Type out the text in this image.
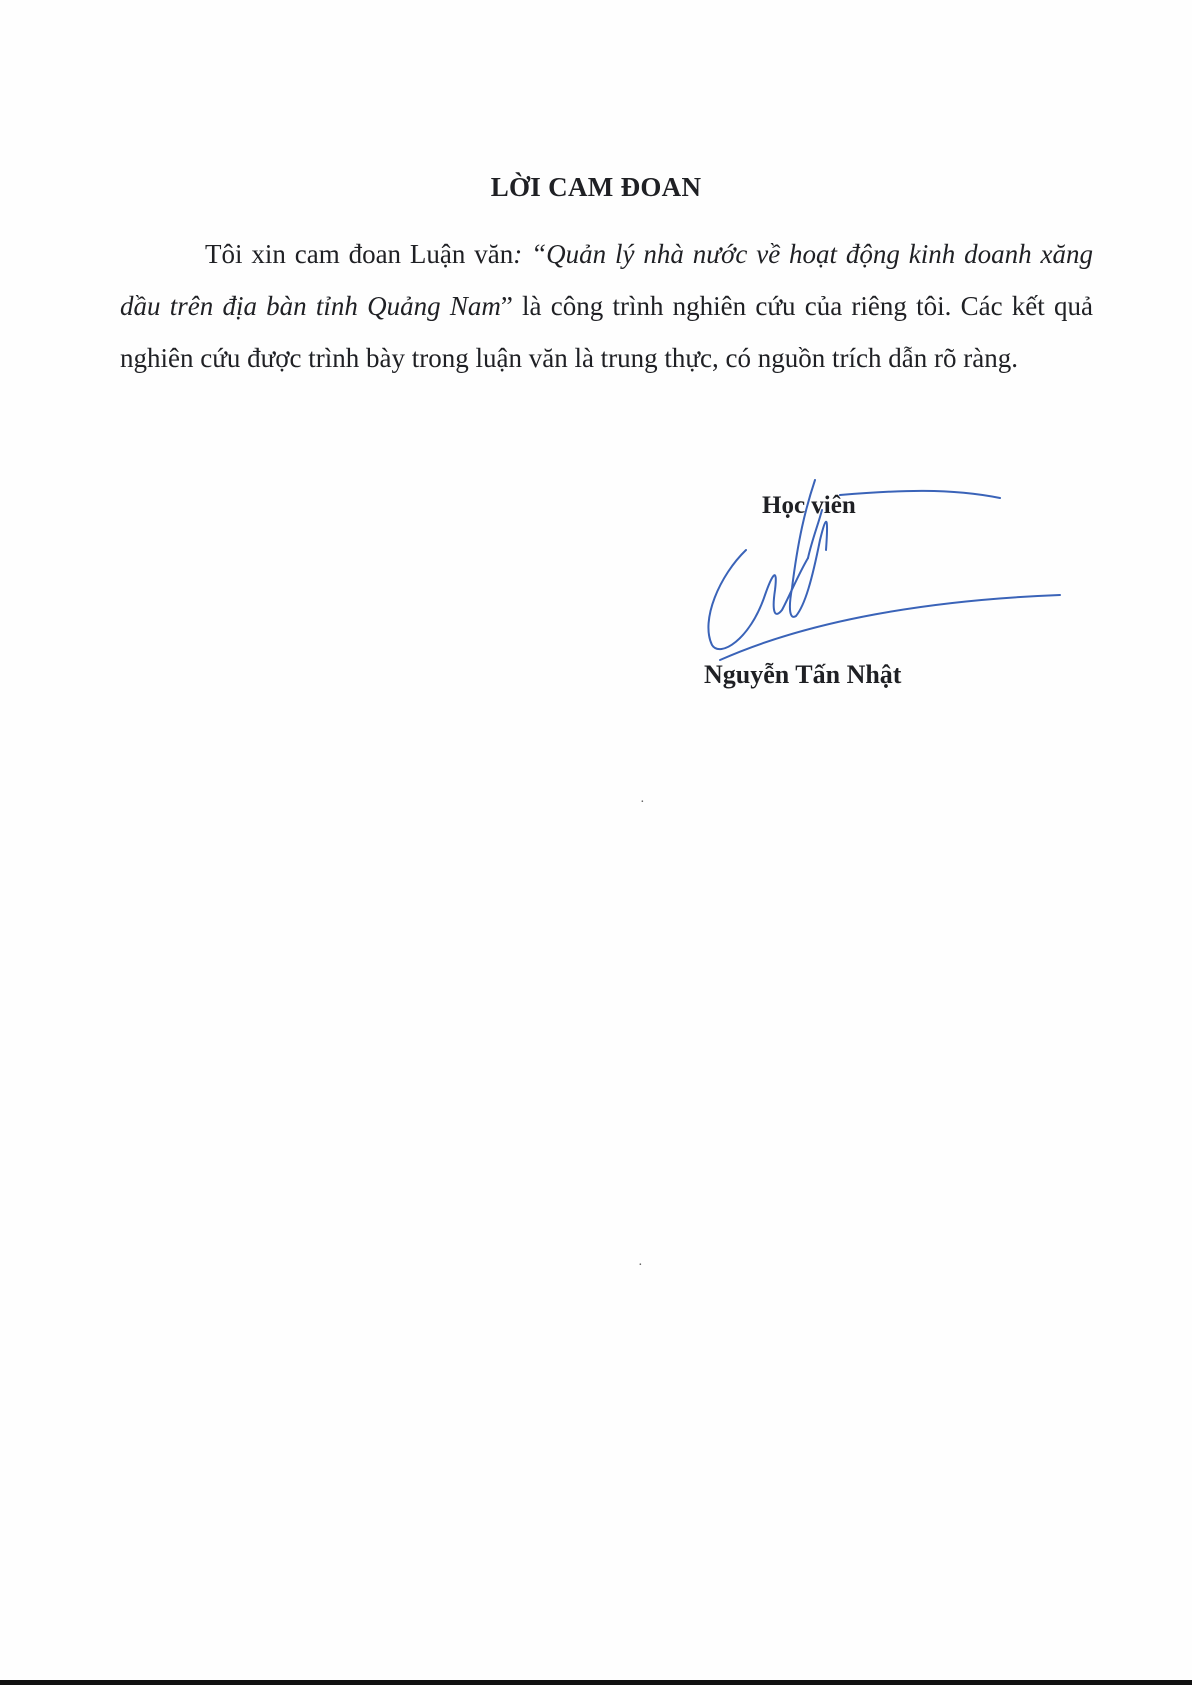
LỜI CAM ĐOAN

Tôi xin cam đoan Luận văn: “Quản lý nhà nước về hoạt động kinh doanh xăng dầu trên địa bàn tỉnh Quảng Nam” là công trình nghiên cứu của riêng tôi. Các kết quả nghiên cứu được trình bày trong luận văn là trung thực, có nguồn trích dẫn rõ ràng.

Học viên
Nguyễn Tấn Nhật
·
·
